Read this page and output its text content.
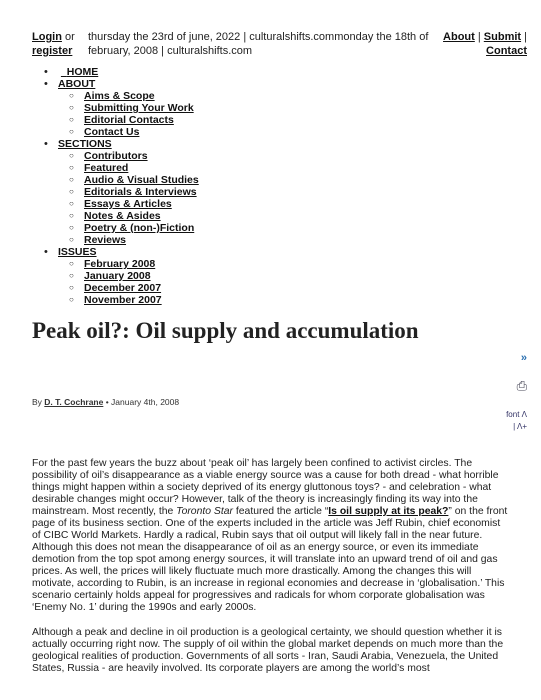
Login or
register
thursday the 23rd of june, 2022 | culturalshifts.commonday the 18th of february, 2008 | culturalshifts.com
About | Submit |
Contact
•   HOME
• ABOUT
○ Aims & Scope
○ Submitting Your Work
○ Editorial Contacts
○ Contact Us
• SECTIONS
○ Contributors
○ Featured
○ Audio & Visual Studies
○ Editorials & Interviews
○ Essays & Articles
○ Notes & Asides
○ Poetry & (non-)Fiction
○ Reviews
• ISSUES
○ February 2008
○ January 2008
○ December 2007
○ November 2007
Peak oil?: Oil supply and accumulation
»
⎙
font Λ
| Λ+
By D. T. Cochrane • January 4th, 2008

For the past few years the buzz about ‘peak oil’ has largely been confined to activist circles. The possibility of oil’s disappearance as a viable energy source was a cause for both dread - what horrible things might happen within a society deprived of its energy gluttonous toys? - and celebration - what desirable changes might occur? However, talk of the theory is increasingly finding its way into the mainstream. Most recently, the Toronto Star featured the article “Is oil supply at its peak?” on the front page of its business section. One of the experts included in the article was Jeff Rubin, chief economist of CIBC World Markets. Hardly a radical, Rubin says that oil output will likely fall in the near future. Although this does not mean the disappearance of oil as an energy source, or even its immediate demotion from the top spot among energy sources, it will translate into an upward trend of oil and gas prices. As well, the prices will likely fluctuate much more drastically. Among the changes this will motivate, according to Rubin, is an increase in regional economies and decrease in ‘globalisation.’ This scenario certainly holds appeal for progressives and radicals for whom corporate globalisation was ‘Enemy No. 1’ during the 1990s and early 2000s.

Although a peak and decline in oil production is a geological certainty, we should question whether it is actually occurring right now. The supply of oil within the global market depends on much more than the geological realities of production. Governments of all sorts - Iran, Saudi Arabia, Venezuela, the United States, Russia - are heavily involved. Its corporate players are among the world’s most
